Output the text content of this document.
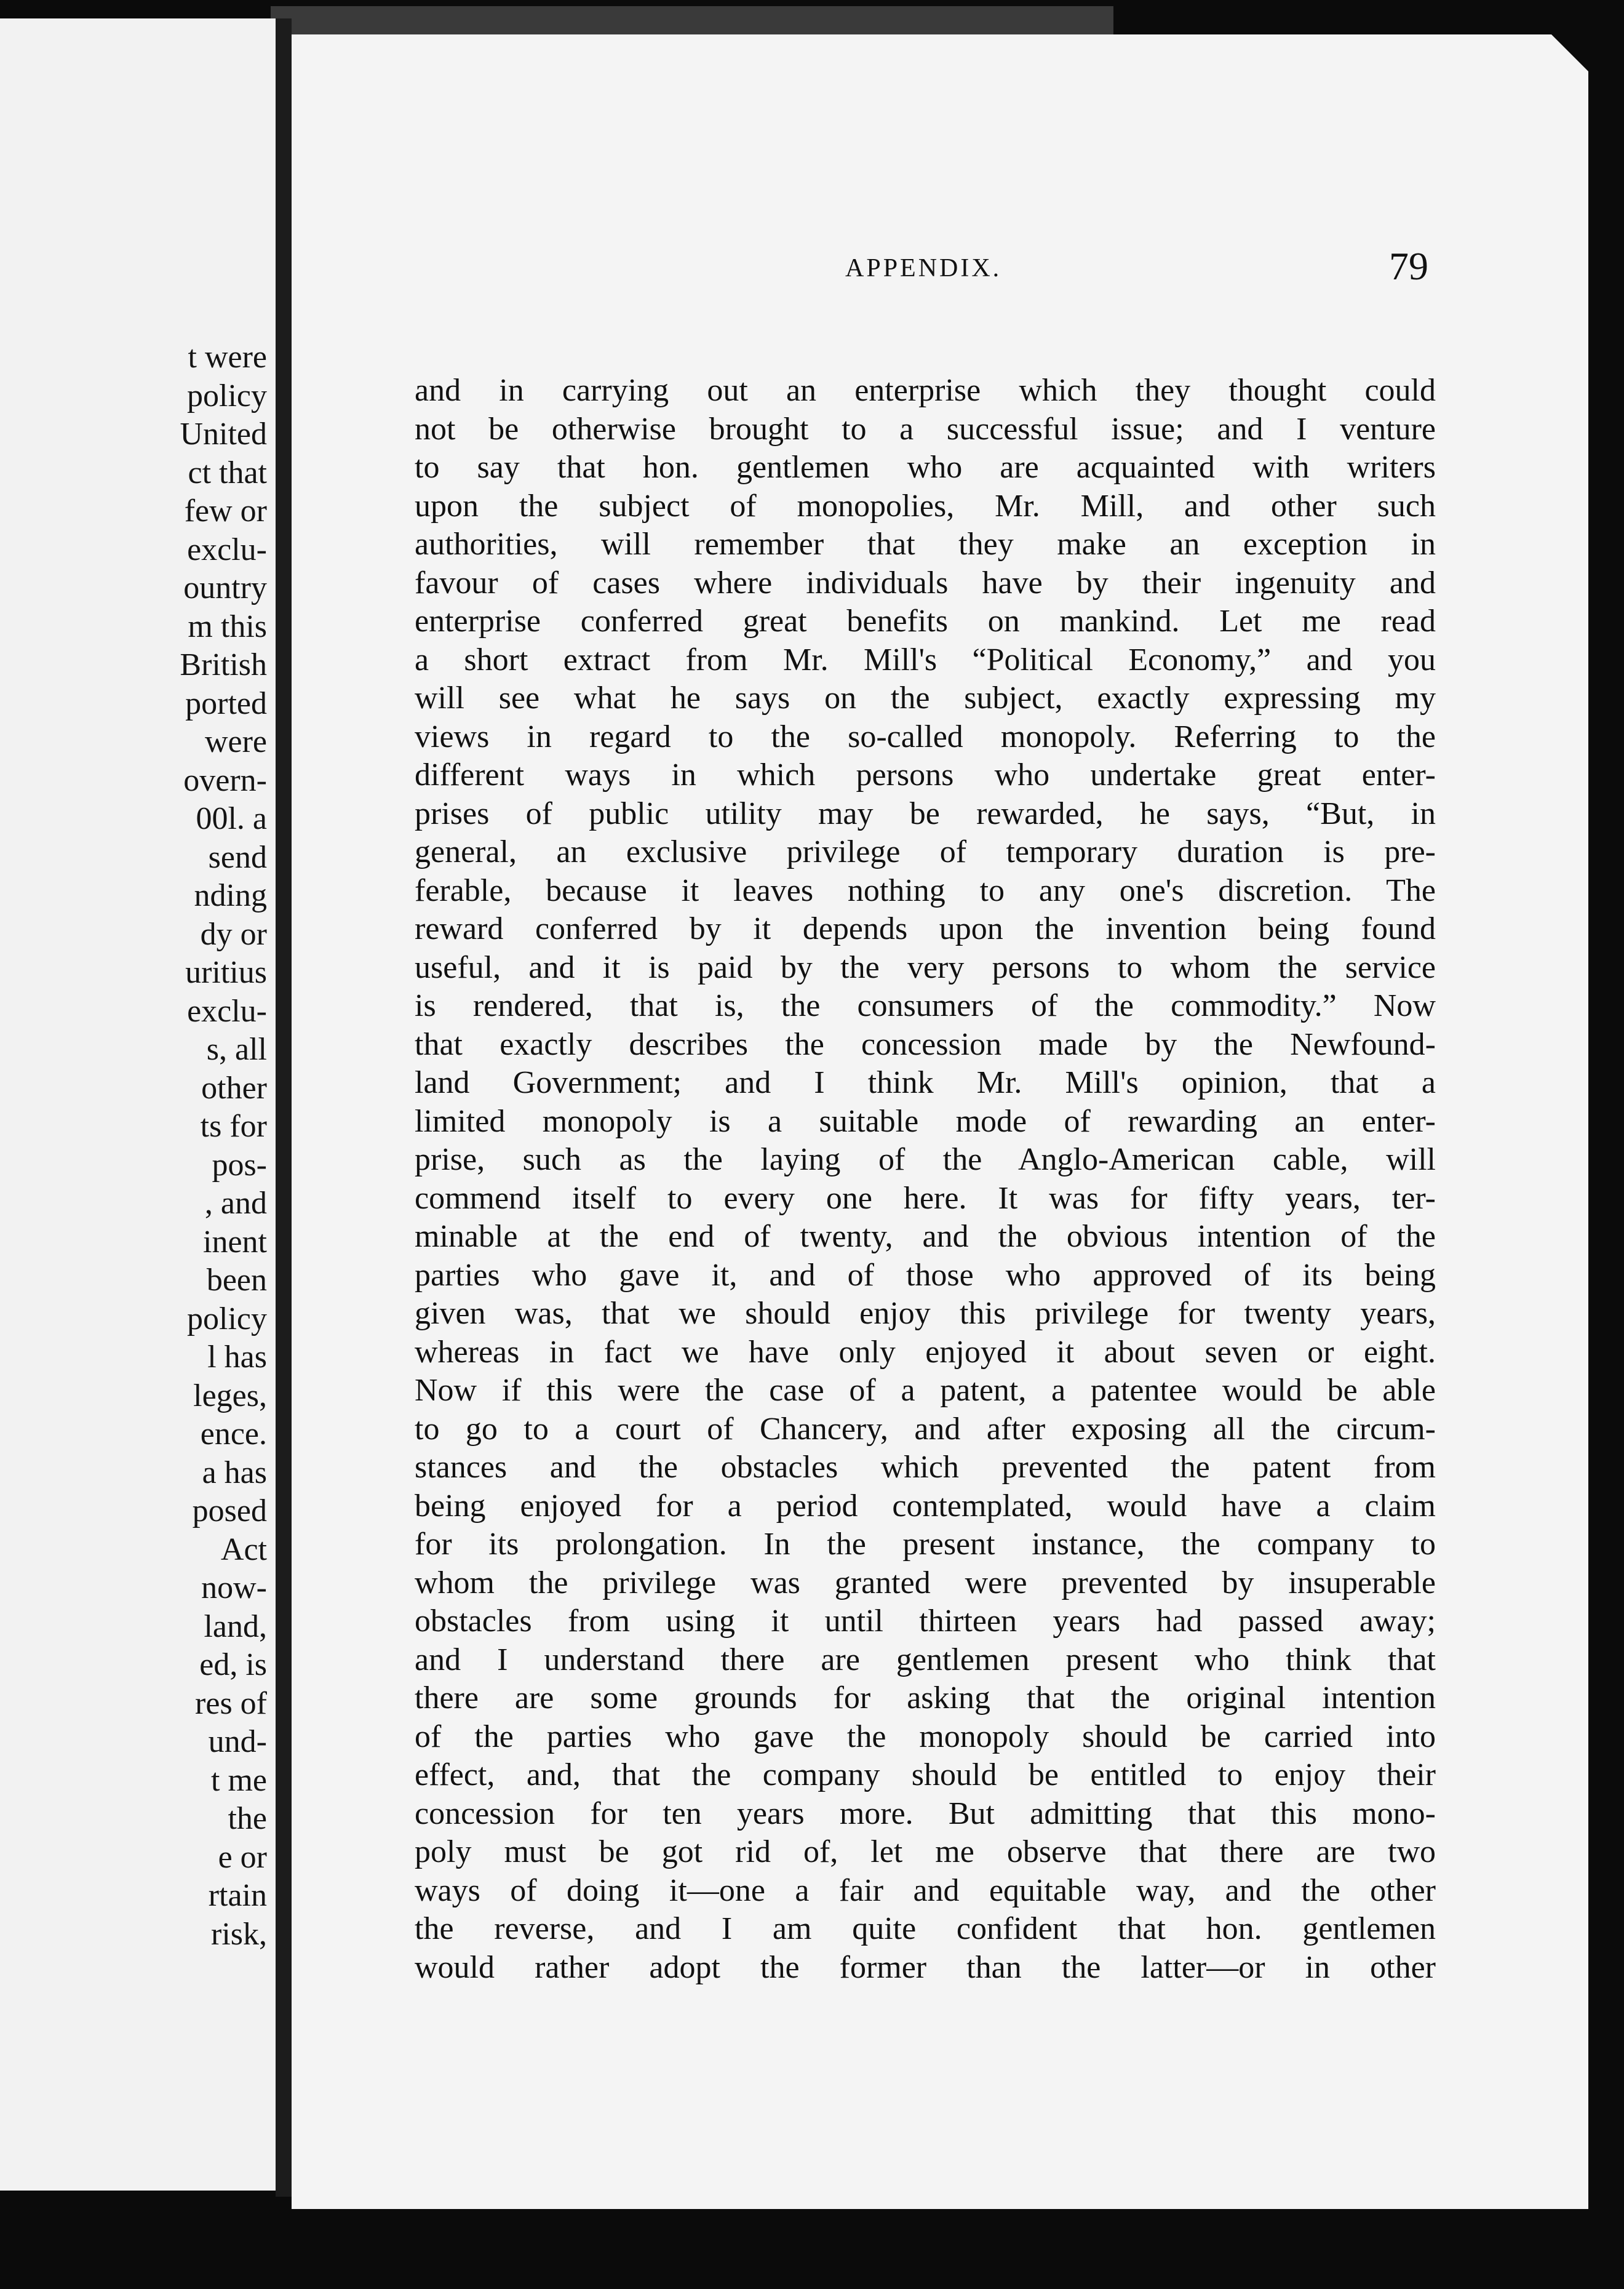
t were
policy
United
ct that
few or
exclu-
ountry
m this
British
ported
were
overn-
00l. a
send
nding
dy or
uritius
exclu-
s, all
other
ts for
pos-
, and
inent
been
policy
l has
leges,
ence.
a has
posed
Act
now-
land,
ed, is
res of
und-
t me
the
e or
rtain
risk,
APPENDIX.	79
and in carrying out an enterprise which they thought could
not be otherwise brought to a successful issue; and I venture
to say that hon. gentlemen who are acquainted with writers
upon the subject of monopolies, Mr. Mill, and other such
authorities, will remember that they make an exception in
favour of cases where individuals have by their ingenuity and
enterprise conferred great benefits on mankind. Let me read
a short extract from Mr. Mill's “Political Economy,” and you
will see what he says on the subject, exactly expressing my
views in regard to the so-called monopoly. Referring to the
different ways in which persons who undertake great enter-
prises of public utility may be rewarded, he says, “But, in
general, an exclusive privilege of temporary duration is pre-
ferable, because it leaves nothing to any one's discretion. The
reward conferred by it depends upon the invention being found
useful, and it is paid by the very persons to whom the service
is rendered, that is, the consumers of the commodity.” Now
that exactly describes the concession made by the Newfound-
land Government; and I think Mr. Mill's opinion, that a
limited monopoly is a suitable mode of rewarding an enter-
prise, such as the laying of the Anglo-American cable, will
commend itself to every one here. It was for fifty years, ter-
minable at the end of twenty, and the obvious intention of the
parties who gave it, and of those who approved of its being
given was, that we should enjoy this privilege for twenty years,
whereas in fact we have only enjoyed it about seven or eight.
Now if this were the case of a patent, a patentee would be able
to go to a court of Chancery, and after exposing all the circum-
stances and the obstacles which prevented the patent from
being enjoyed for a period contemplated, would have a claim
for its prolongation. In the present instance, the company to
whom the privilege was granted were prevented by insuperable
obstacles from using it until thirteen years had passed away;
and I understand there are gentlemen present who think that
there are some grounds for asking that the original intention
of the parties who gave the monopoly should be carried into
effect, and, that the company should be entitled to enjoy their
concession for ten years more. But admitting that this mono-
poly must be got rid of, let me observe that there are two
ways of doing it—one a fair and equitable way, and the other
the reverse, and I am quite confident that hon. gentlemen
would rather adopt the former than the latter—or in other
